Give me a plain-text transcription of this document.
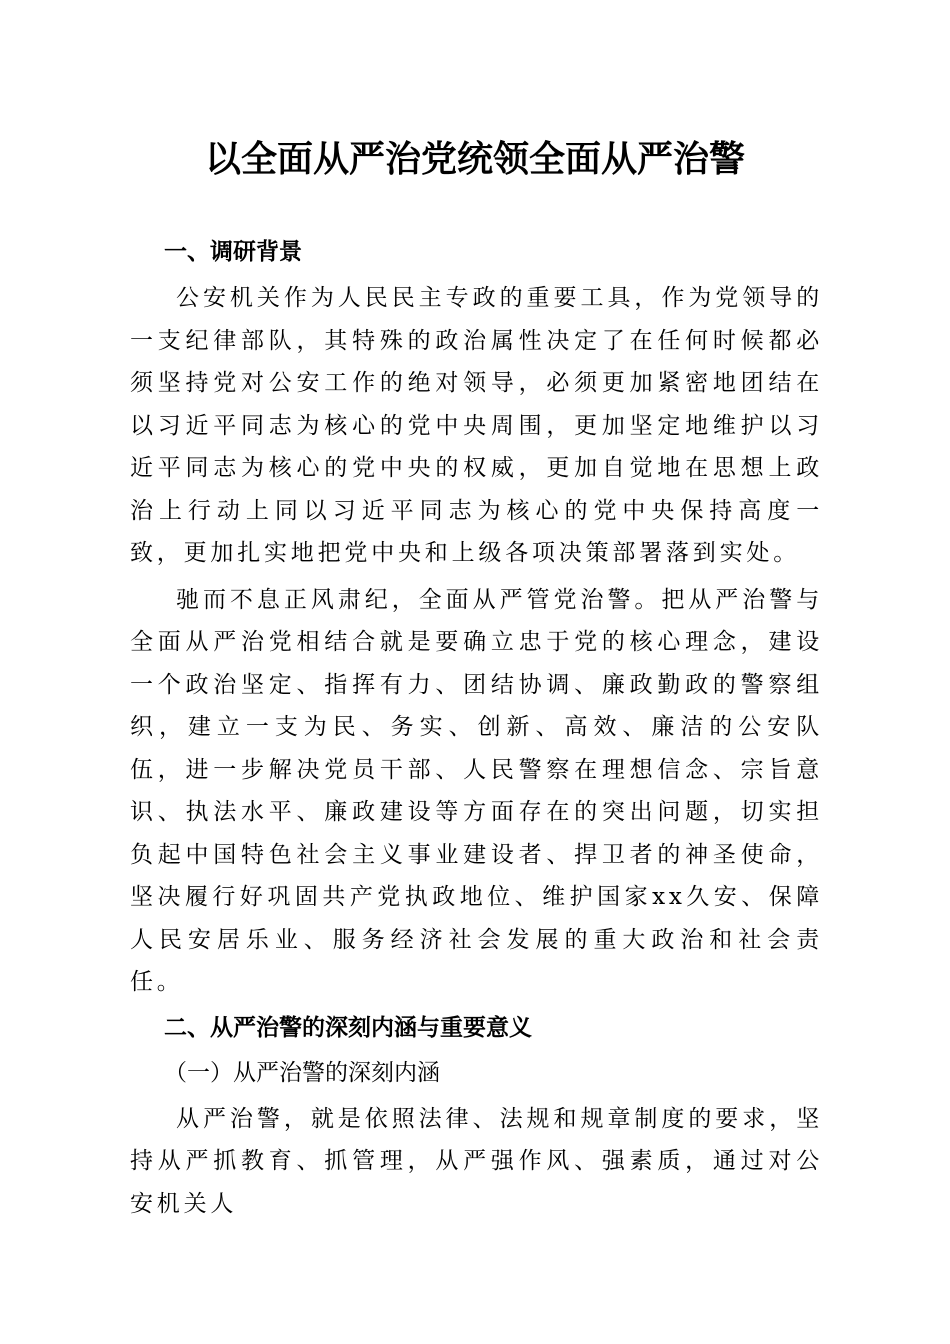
以全面从严治党统领全面从严治警

一、调研背景

公安机关作为人民民主专政的重要工具，作为党领导的一支纪律部队，其特殊的政治属性决定了在任何时候都必须坚持党对公安工作的绝对领导，必须更加紧密地团结在以习近平同志为核心的党中央周围，更加坚定地维护以习近平同志为核心的党中央的权威，更加自觉地在思想上政治上行动上同以习近平同志为核心的党中央保持高度一致，更加扎实地把党中央和上级各项决策部署落到实处。

驰而不息正风肃纪，全面从严管党治警。把从严治警与全面从严治党相结合就是要确立忠于党的核心理念，建设一个政治坚定、指挥有力、团结协调、廉政勤政的警察组织，建立一支为民、务实、创新、高效、廉洁的公安队伍，进一步解决党员干部、人民警察在理想信念、宗旨意识、执法水平、廉政建设等方面存在的突出问题，切实担负起中国特色社会主义事业建设者、捍卫者的神圣使命，坚决履行好巩固共产党执政地位、维护国家xx久安、保障人民安居乐业、服务经济社会发展的重大政治和社会责任。

二、从严治警的深刻内涵与重要意义

（一）从严治警的深刻内涵

从严治警，就是依照法律、法规和规章制度的要求，坚持从严抓教育、抓管理，从严强作风、强素质，通过对公安机关人
